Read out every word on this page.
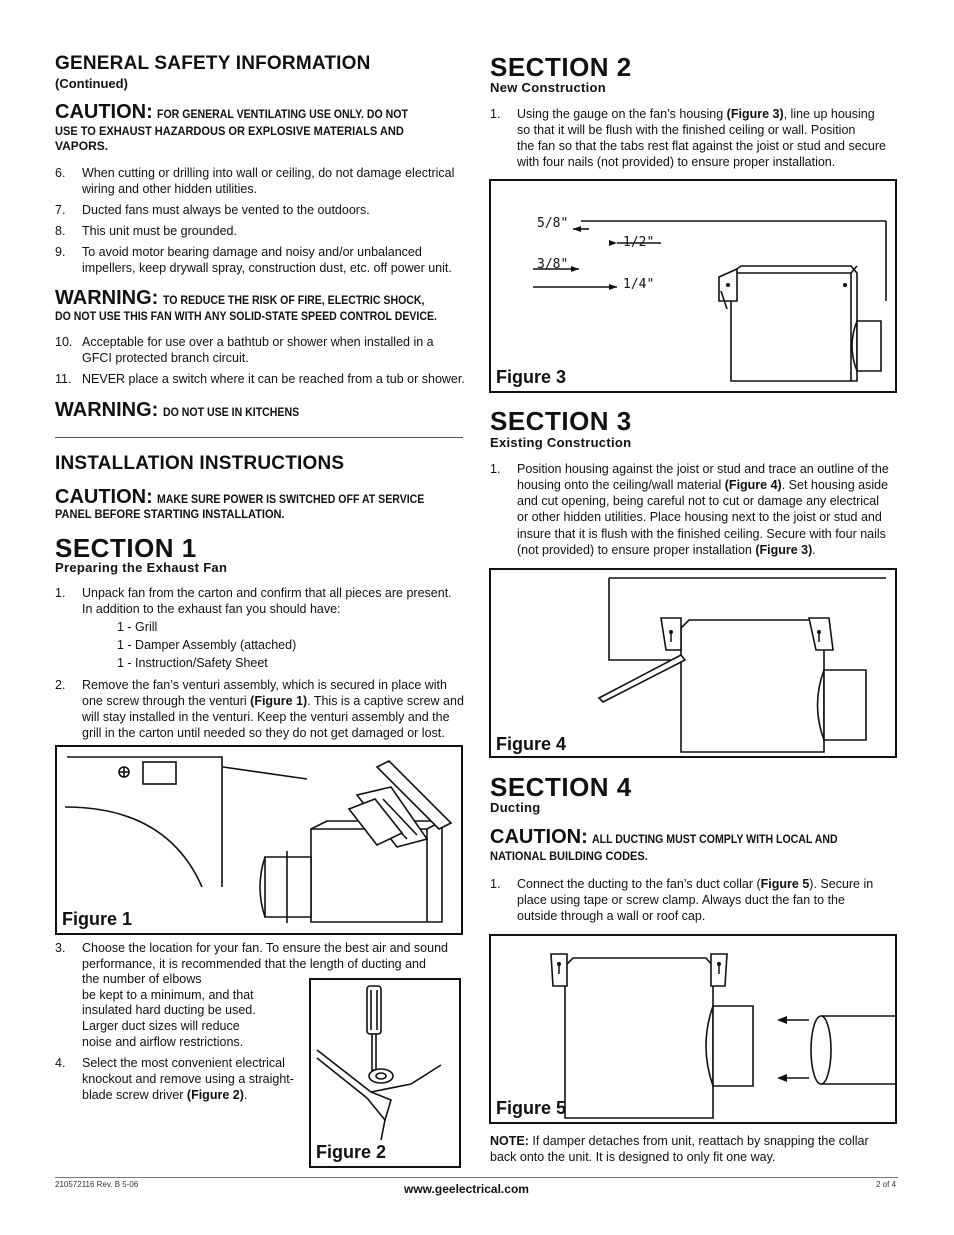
GENERAL SAFETY INFORMATION
(Continued)
CAUTION: FOR GENERAL VENTILATING USE ONLY. DO NOT
USE TO EXHAUST HAZARDOUS OR EXPLOSIVE MATERIALS AND
VAPORS.
6. When cutting or drilling into wall or ceiling, do not damage electrical
wiring and other hidden utilities.
7. Ducted fans must always be vented to the outdoors.
8. This unit must be grounded.
9. To avoid motor bearing damage and noisy and/or unbalanced
impellers, keep drywall spray, construction dust, etc. off power unit.
WARNING: TO REDUCE THE RISK OF FIRE, ELECTRIC SHOCK,
DO NOT USE THIS FAN WITH ANY SOLID-STATE SPEED CONTROL DEVICE.
10. Acceptable for use over a bathtub or shower when installed in a
GFCI protected branch circuit.
11. NEVER place a switch where it can be reached from a tub or shower.
WARNING: DO NOT USE IN KITCHENS
INSTALLATION INSTRUCTIONS
CAUTION: MAKE SURE POWER IS SWITCHED OFF AT SERVICE
PANEL BEFORE STARTING INSTALLATION.
SECTION 1
Preparing the Exhaust Fan
1. Unpack fan from the carton and confirm that all pieces are present.
In addition to the exhaust fan you should have:
1 - Grill
1 - Damper Assembly (attached)
1 - Instruction/Safety Sheet
2. Remove the fan’s venturi assembly, which is secured in place with
one screw through the venturi (Figure 1). This is a captive screw and
will stay installed in the venturi. Keep the venturi assembly and the
grill in the carton until needed so they do not get damaged or lost.
Figure 1
3. Choose the location for your fan. To ensure the best air and sound
performance, it is recommended that the length of ducting and
the number of elbows
be kept to a minimum, and that
insulated hard ducting be used.
Larger duct sizes will reduce
noise and airflow restrictions.
4. Select the most convenient electrical
knockout and remove using a straight-
blade screw driver (Figure 2).
Figure 2
SECTION 2
New Construction
1. Using the gauge on the fan’s housing (Figure 3), line up housing
so that it will be flush with the finished ceiling or wall. Position
the fan so that the tabs rest flat against the joist or stud and secure
with four nails (not provided) to ensure proper installation.
5/8"
1/2"
3/8"
1/4"
Figure 3
SECTION 3
Existing Construction
1. Position housing against the joist or stud and trace an outline of the
housing onto the ceiling/wall material (Figure 4). Set housing aside
and cut opening, being careful not to cut or damage any electrical
or other hidden utilities. Place housing next to the joist or stud and
insure that it is flush with the finished ceiling. Secure with four nails
(not provided) to ensure proper installation (Figure 3).
Figure 4
SECTION 4
Ducting
CAUTION: ALL DUCTING MUST COMPLY WITH LOCAL AND
NATIONAL BUILDING CODES.
1. Connect the ducting to the fan’s duct collar (Figure 5). Secure in
place using tape or screw clamp. Always duct the fan to the
outside through a wall or roof cap.
Figure 5
NOTE: If damper detaches from unit, reattach by snapping the collar
back onto the unit. It is designed to only fit one way.
210572116 Rev. B 5-06	www.geelectrical.com	2 of 4
